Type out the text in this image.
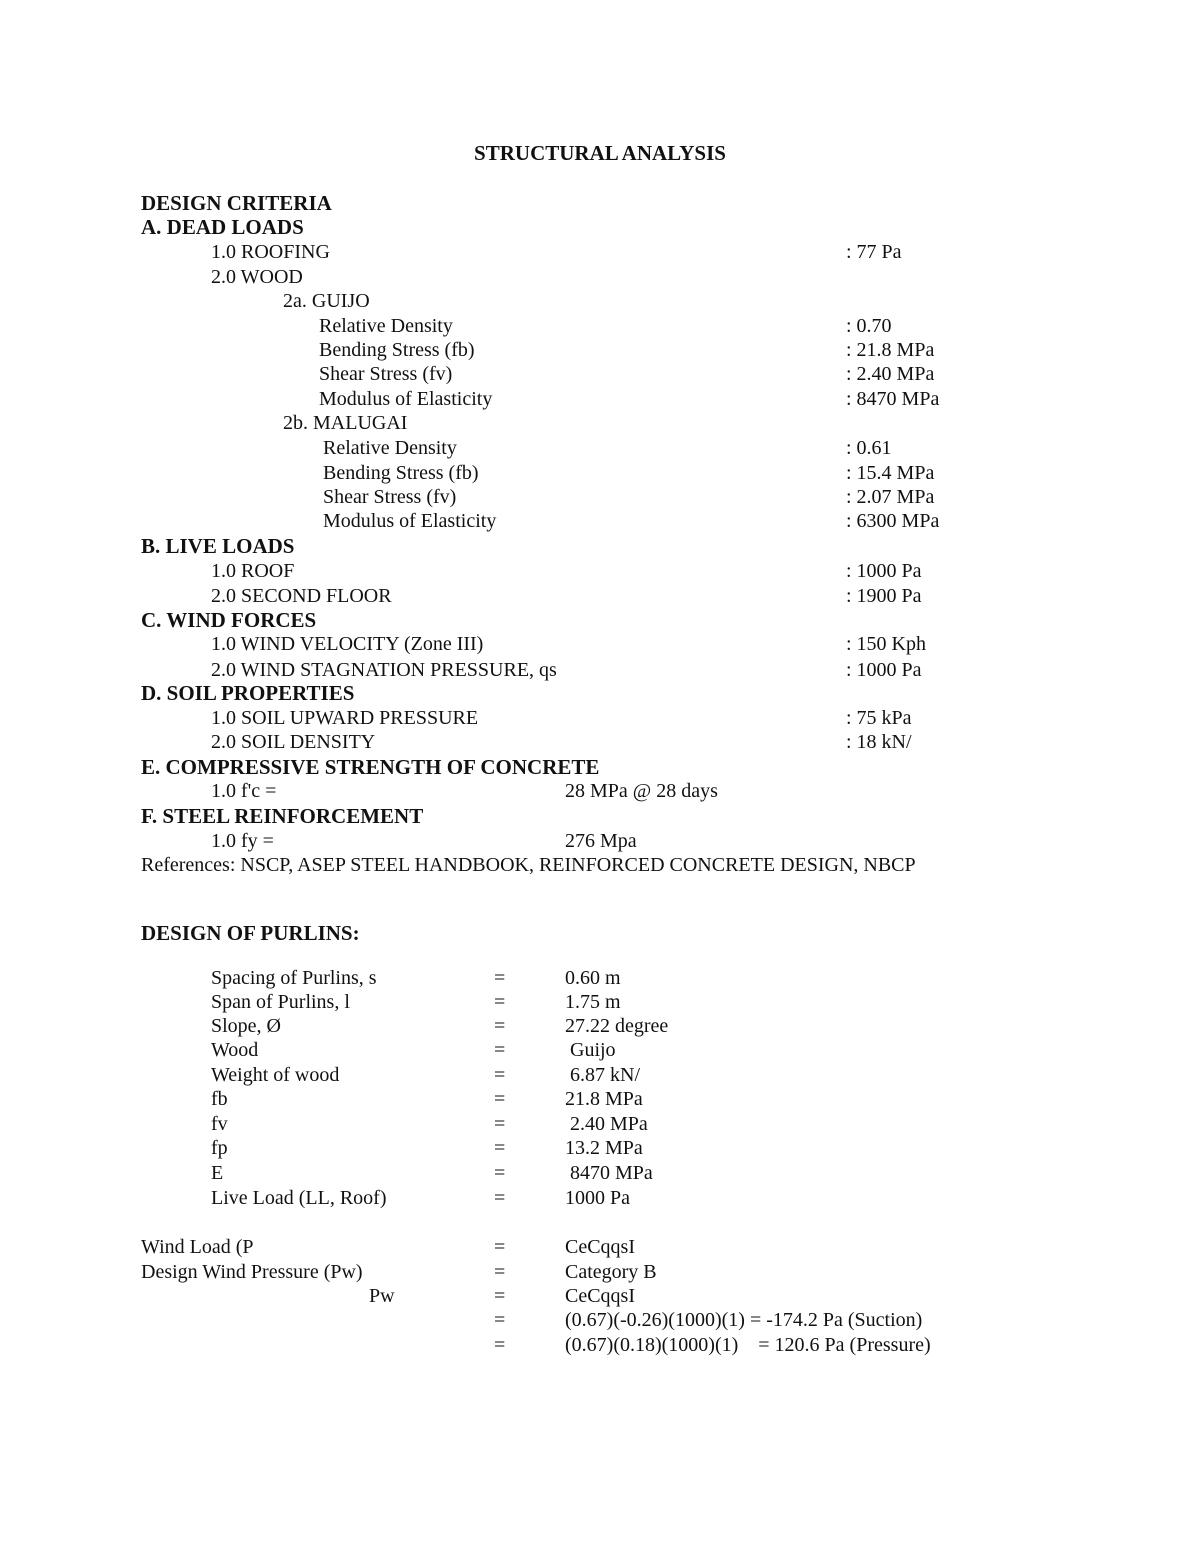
STRUCTURAL ANALYSIS
DESIGN CRITERIA
A. DEAD LOADS
1.0 ROOFING	: 77 Pa
2.0 WOOD
2a. GUIJO
Relative Density	: 0.70
Bending Stress (fb)	: 21.8 MPa
Shear Stress (fv)	: 2.40 MPa
Modulus of Elasticity	: 8470 MPa
2b. MALUGAI
Relative Density	: 0.61
Bending Stress (fb)	: 15.4 MPa
Shear Stress (fv)	: 2.07 MPa
Modulus of Elasticity	: 6300 MPa
B. LIVE LOADS
1.0 ROOF	: 1000 Pa
2.0 SECOND FLOOR	: 1900 Pa
C. WIND FORCES
1.0 WIND VELOCITY (Zone III)	: 150 Kph
2.0 WIND STAGNATION PRESSURE, qs	: 1000 Pa
D. SOIL PROPERTIES
1.0 SOIL UPWARD PRESSURE	: 75 kPa
2.0 SOIL DENSITY	: 18 kN/
E. COMPRESSIVE STRENGTH OF CONCRETE
1.0 f'c =	28 MPa @ 28 days
F. STEEL REINFORCEMENT
1.0 fy =	276 Mpa
References: NSCP, ASEP STEEL HANDBOOK, REINFORCED CONCRETE DESIGN, NBCP
DESIGN OF PURLINS:
Spacing of Purlins, s	=	0.60 m
Span of Purlins, l	=	1.75 m
Slope, Ø	=	27.22 degree
Wood	=	Guijo
Weight of wood	=	6.87 kN/
fb	=	21.8 MPa
fv	=	2.40 MPa
fp	=	13.2 MPa
E	=	8470 MPa
Live Load (LL, Roof)	=	1000 Pa
Wind Load (P	=	CeCqqsI
Design Wind Pressure (Pw)	=	Category B
Pw	=	CeCqqsI
=	(0.67)(-0.26)(1000)(1) = -174.2 Pa (Suction)
=	(0.67)(0.18)(1000)(1)    = 120.6 Pa (Pressure)
